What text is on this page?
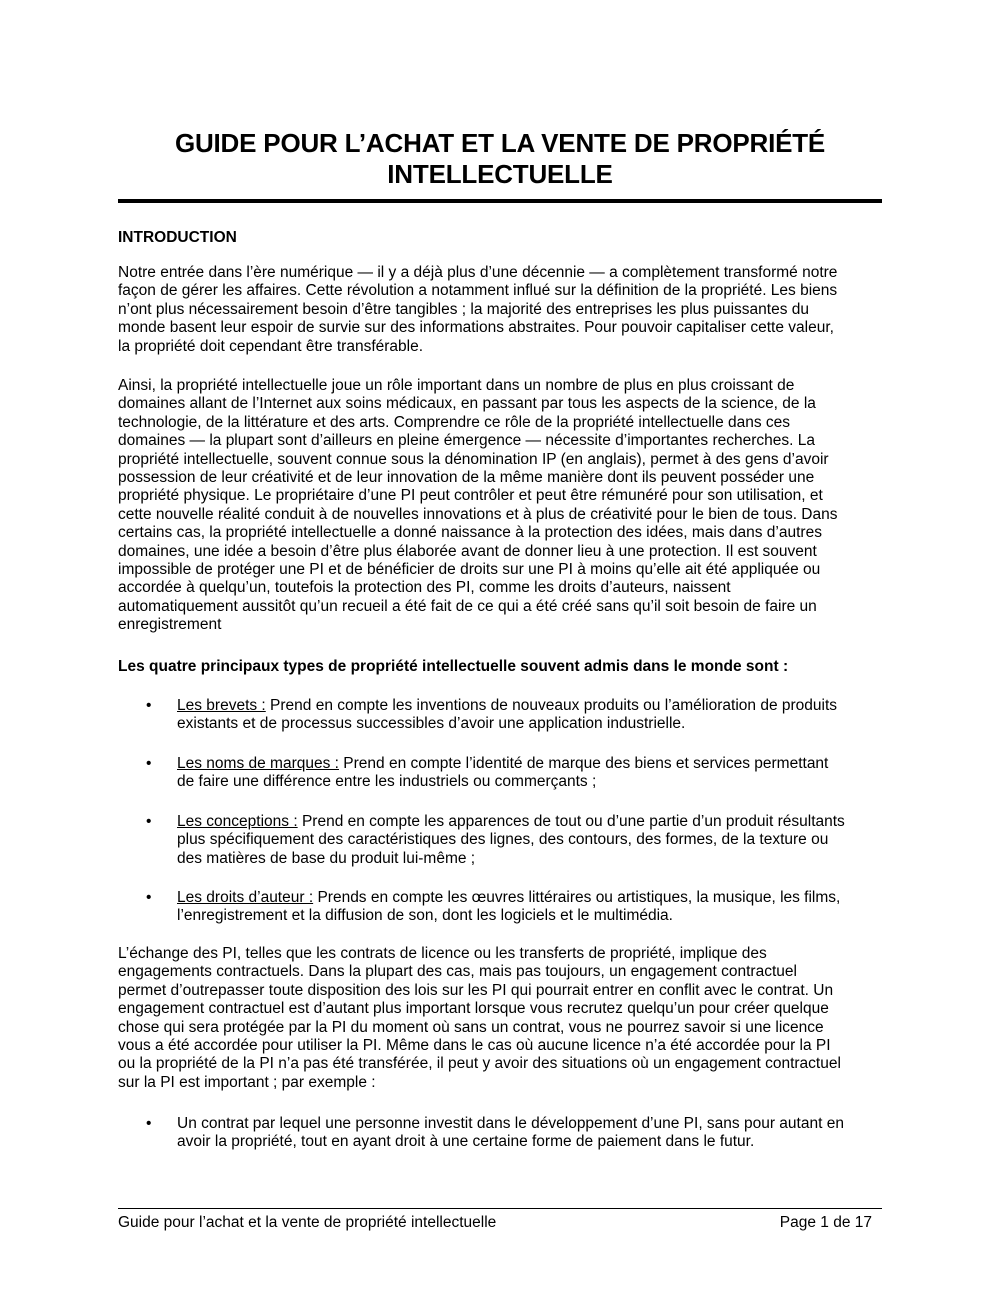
GUIDE POUR L’ACHAT ET LA VENTE DE PROPRIÉTÉ
INTELLECTUELLE
INTRODUCTION
Notre entrée dans l’ère numérique — il y a déjà plus d’une décennie — a complètement transformé notre
façon de gérer les affaires. Cette révolution a notamment influé sur la définition de la propriété. Les biens
n’ont plus nécessairement besoin d’être tangibles ; la majorité des entreprises les plus puissantes du
monde basent leur espoir de survie sur des informations abstraites. Pour pouvoir capitaliser cette valeur,
la propriété doit cependant être transférable.
Ainsi, la propriété intellectuelle joue un rôle important dans un nombre de plus en plus croissant de
domaines allant de l’Internet aux soins médicaux, en passant par tous les aspects de la science, de la
technologie, de la littérature et des arts. Comprendre ce rôle de la propriété intellectuelle dans ces
domaines — la plupart sont d’ailleurs en pleine émergence — nécessite d’importantes recherches. La
propriété intellectuelle, souvent connue sous la dénomination IP (en anglais), permet à des gens d’avoir
possession de leur créativité et de leur innovation de la même manière dont ils peuvent posséder une
propriété physique. Le propriétaire d’une PI peut contrôler et peut être rémunéré pour son utilisation, et
cette nouvelle réalité conduit à de nouvelles innovations et à plus de créativité pour le bien de tous. Dans
certains cas, la propriété intellectuelle a donné naissance à la protection des idées, mais dans d’autres
domaines, une idée a besoin d’être plus élaborée avant de donner lieu à une protection. Il est souvent
impossible de protéger une PI et de bénéficier de droits sur une PI à moins qu’elle ait été appliquée ou
accordée à quelqu’un, toutefois la protection des PI, comme les droits d’auteurs, naissent
automatiquement aussitôt qu’un recueil a été fait de ce qui a été créé sans qu’il soit besoin de faire un
enregistrement
Les quatre principaux types de propriété intellectuelle souvent admis dans le monde sont :
• Les brevets : Prend en compte les inventions de nouveaux produits ou l’amélioration de produits
existants et de processus successibles d’avoir une application industrielle.
• Les noms de marques : Prend en compte l’identité de marque des biens et services permettant
de faire une différence entre les industriels ou commerçants ;
• Les conceptions : Prend en compte les apparences de tout ou d’une partie d’un produit résultants
plus spécifiquement des caractéristiques des lignes, des contours, des formes, de la texture ou
des matières de base du produit lui-même ;
• Les droits d’auteur : Prends en compte les œuvres littéraires ou artistiques, la musique, les films,
l’enregistrement et la diffusion de son, dont les logiciels et le multimédia.
L’échange des PI, telles que les contrats de licence ou les transferts de propriété, implique des
engagements contractuels. Dans la plupart des cas, mais pas toujours, un engagement contractuel
permet d’outrepasser toute disposition des lois sur les PI qui pourrait entrer en conflit avec le contrat. Un
engagement contractuel est d’autant plus important lorsque vous recrutez quelqu’un pour créer quelque
chose qui sera protégée par la PI du moment où sans un contrat, vous ne pourrez savoir si une licence
vous a été accordée pour utiliser la PI. Même dans le cas où aucune licence n’a été accordée pour la PI
ou la propriété de la PI n’a pas été transférée, il peut y avoir des situations où un engagement contractuel
sur la PI est important ; par exemple :
• Un contrat par lequel une personne investit dans le développement d’une PI, sans pour autant en
avoir la propriété, tout en ayant droit à une certaine forme de paiement dans le futur.
Guide pour l’achat et la vente de propriété intellectuelle	Page 1 de 17
